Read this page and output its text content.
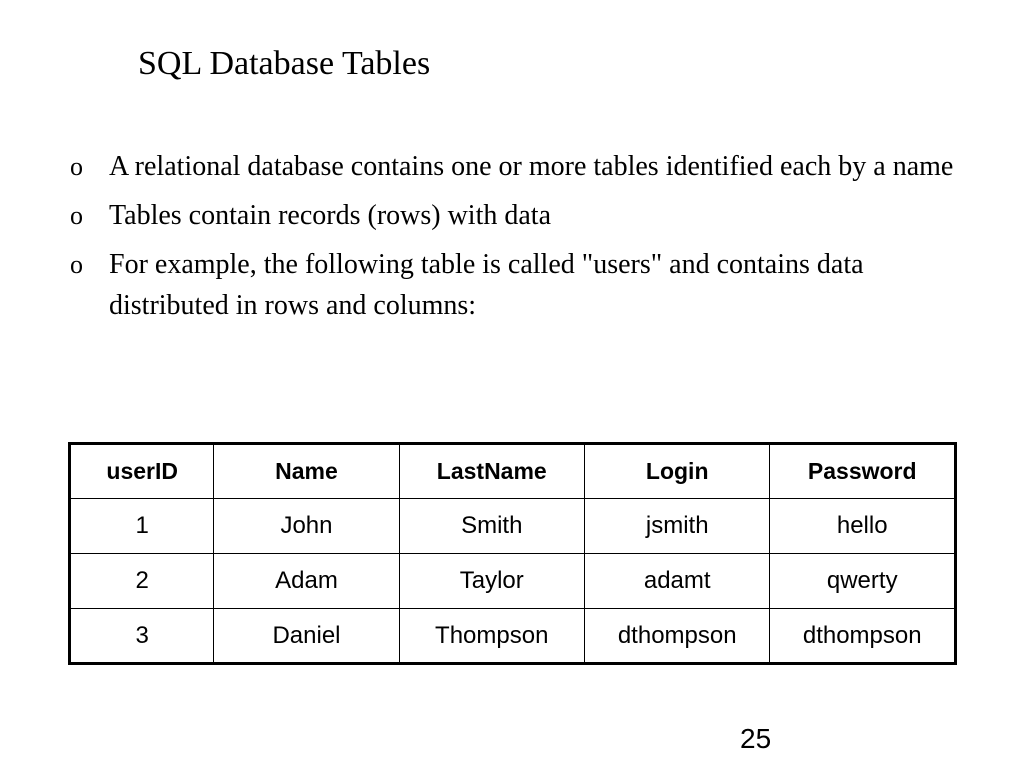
SQL Database Tables
o A relational database contains one or more tables identified each by a name
o Tables contain records (rows) with data
o For example, the following table is called "users" and contains data distributed in rows and columns:
userID	Name	LastName	Login	Password
1	John	Smith	jsmith	hello
2	Adam	Taylor	adamt	qwerty
3	Daniel	Thompson	dthompson	dthompson
25
